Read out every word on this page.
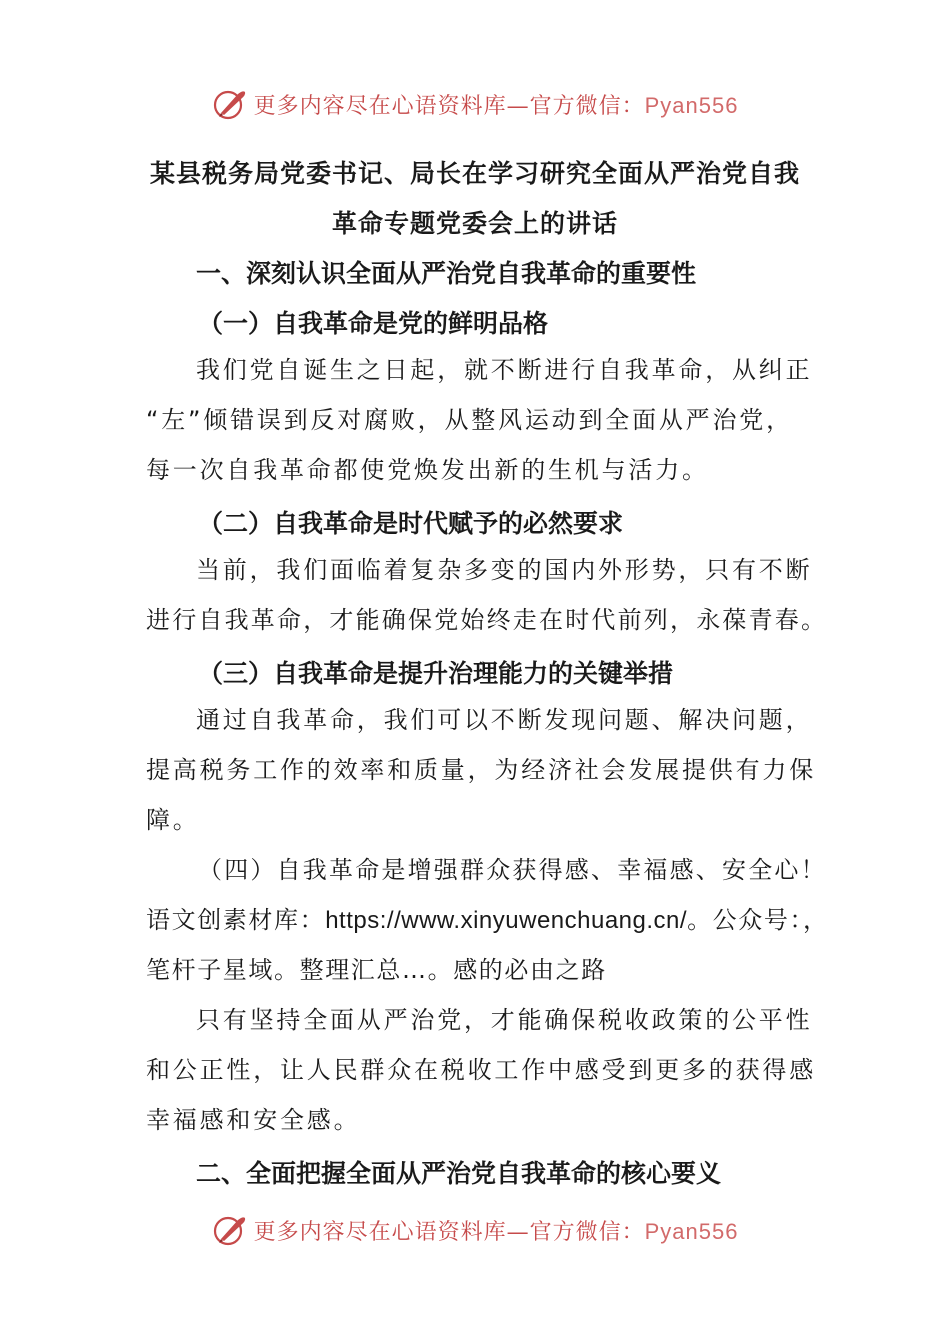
更多内容尽在心语资料库—官方微信：Pyan556
某县税务局党委书记、局长在学习研究全面从严治党自我
革命专题党委会上的讲话
一、深刻认识全面从严治党自我革命的重要性
（一）自我革命是党的鲜明品格
我们党自诞生之日起，就不断进行自我革命，从纠正
“左”倾错误到反对腐败，从整风运动到全面从严治党，
每一次自我革命都使党焕发出新的生机与活力。
（二）自我革命是时代赋予的必然要求
当前，我们面临着复杂多变的国内外形势，只有不断
进行自我革命，才能确保党始终走在时代前列，永葆青春。
（三）自我革命是提升治理能力的关键举措
通过自我革命，我们可以不断发现问题、解决问题，
提高税务工作的效率和质量，为经济社会发展提供有力保
障。
（四）自我革命是增强群众获得感、幸福感、安全心！
语文创素材库：https://www.xinyuwenchuang.cn/。公众号：，
笔杆子星域。整理汇总…。感的必由之路
只有坚持全面从严治党，才能确保税收政策的公平性
和公正性，让人民群众在税收工作中感受到更多的获得感
幸福感和安全感。
二、全面把握全面从严治党自我革命的核心要义
更多内容尽在心语资料库—官方微信：Pyan556
